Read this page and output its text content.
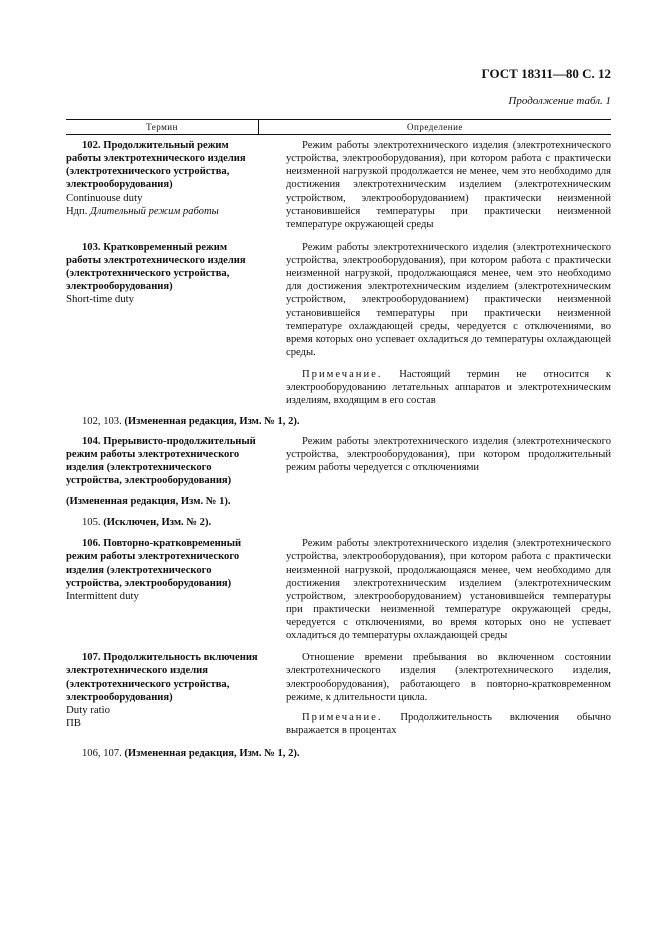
ГОСТ 18311—80 С. 12
Продолжение табл. 1
Термин	Определение

102. Продолжительный режим работы электротехнического изделия (электротехнического устройства, электрооборудования)

Continuouse duty

Ндп. Длительный режим работы

Режим работы электротехнического изделия (электротехнического устройства, электрооборудования), при котором работа с практически неизменной нагрузкой продолжается не менее, чем это необходимо для достижения электротехническим изделием (электротехническим устройством, электрооборудованием) практически неизменной установившейся температуры при практически неизменной температуре окружающей среды

103. Кратковременный режим работы электротехнического изделия (электротехнического устройства, электрооборудования)

Short-time duty

Режим работы электротехнического изделия (электротехнического устройства, электрооборудования), при котором работа с практически неизменной нагрузкой, продолжающаяся менее, чем это необходимо для достижения электротехническим изделием (электротехническим устройством, электрооборудованием) практически неизменной установившейся температуры при практически неизменной температуре охлаждающей среды, чередуется с отключениями, во время которых оно успевает охладиться до температуры охлаждающей среды.

Примечание. Настоящий термин не относится к электрооборудованию летательных аппаратов и электротехническим изделиям, входящим в его состав

102, 103. (Измененная редакция, Изм. № 1, 2).

104. Прерывисто-продолжительный режим работы электротехнического изделия (электротехнического устройства, электрооборудования)

Режим работы электротехнического изделия (электротехнического устройства, электрооборудования), при котором продолжительный режим работы чередуется с отключениями

(Измененная редакция, Изм. № 1).

105. (Исключен, Изм. № 2).

106. Повторно-кратковременный режим работы электротехнического изделия (электротехнического устройства, электрооборудования)

Intermittent duty

Режим работы электротехнического изделия (электротехнического устройства, электрооборудования), при котором работа с практически неизменной нагрузкой, продолжающаяся менее, чем необходимо для достижения электротехническим изделием (электротехническим устройством, электрооборудованием) установившейся температуры при практически неизменной температуре окружающей среды, чередуется с отключениями, во время которых оно не успевает охладиться до температуры охлаждающей среды

107. Продолжительность включения электротехнического изделия (электротехнического устройства, электрооборудования)

Duty ratio

ПВ

Отношение времени пребывания во включенном состоянии электротехнического изделия (электротехнического изделия, электрооборудования), работающего в повторно-кратковременном режиме, к длительности цикла.

Примечание. Продолжительность включения обычно выражается в процентах

106, 107. (Измененная редакция, Изм. № 1, 2).
